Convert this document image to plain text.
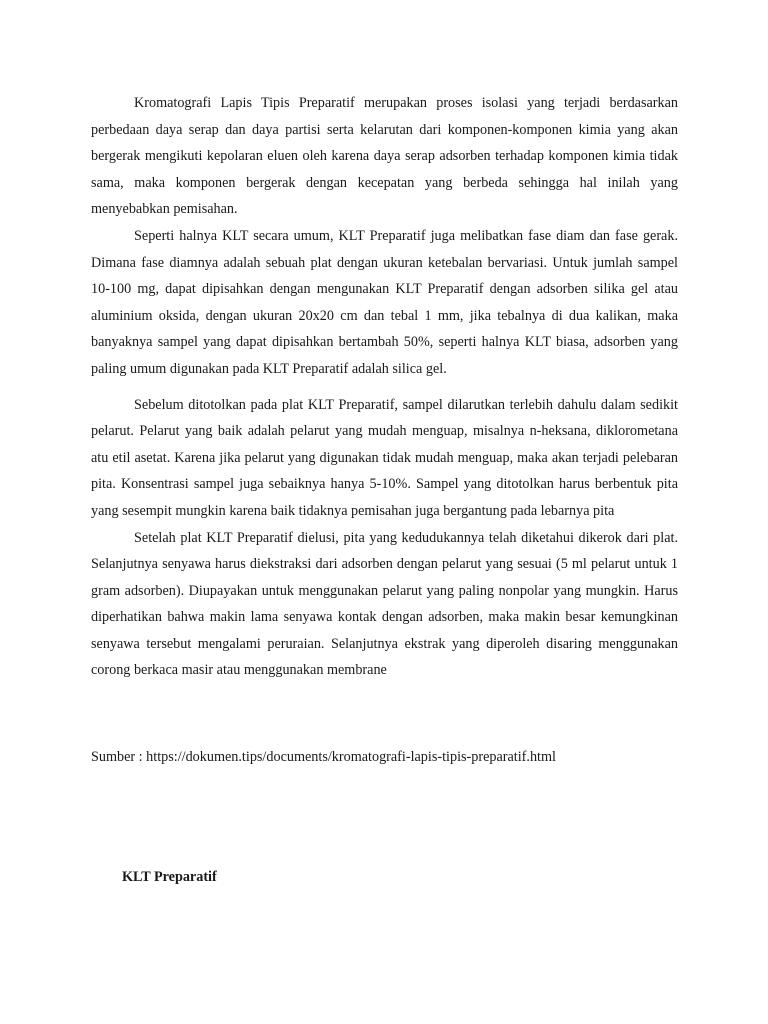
Kromatografi Lapis Tipis Preparatif merupakan proses isolasi yang terjadi berdasarkan perbedaan daya serap dan daya partisi serta kelarutan dari komponen-komponen kimia yang akan bergerak mengikuti kepolaran eluen oleh karena daya serap adsorben terhadap komponen kimia tidak sama, maka komponen bergerak dengan kecepatan yang berbeda sehingga hal inilah yang menyebabkan pemisahan.

Seperti halnya KLT secara umum, KLT Preparatif juga melibatkan fase diam dan fase gerak. Dimana fase diamnya adalah sebuah plat dengan ukuran ketebalan bervariasi. Untuk jumlah sampel 10-100 mg, dapat dipisahkan dengan mengunakan KLT Preparatif dengan adsorben silika gel atau aluminium oksida, dengan ukuran 20x20 cm dan tebal 1 mm, jika tebalnya di dua kalikan, maka banyaknya sampel yang dapat dipisahkan bertambah 50%, seperti halnya KLT biasa, adsorben yang paling umum digunakan pada KLT Preparatif adalah silica gel.

Sebelum ditotolkan pada plat KLT Preparatif, sampel dilarutkan terlebih dahulu dalam sedikit pelarut. Pelarut yang baik adalah pelarut yang mudah menguap, misalnya n-heksana, diklorometana atu etil asetat. Karena jika pelarut yang digunakan tidak mudah menguap, maka akan terjadi pelebaran pita. Konsentrasi sampel juga sebaiknya hanya 5-10%. Sampel yang ditotolkan harus berbentuk pita yang sesempit mungkin karena baik tidaknya pemisahan juga bergantung pada lebarnya pita

Setelah plat KLT Preparatif dielusi, pita yang kedudukannya telah diketahui dikerok dari plat. Selanjutnya senyawa harus diekstraksi dari adsorben dengan pelarut yang sesuai (5 ml pelarut untuk 1 gram adsorben). Diupayakan untuk menggunakan pelarut yang paling nonpolar yang mungkin. Harus diperhatikan bahwa makin lama senyawa kontak dengan adsorben, maka makin besar kemungkinan senyawa tersebut mengalami peruraian. Selanjutnya ekstrak yang diperoleh disaring menggunakan corong berkaca masir atau menggunakan membrane

Sumber : https://dokumen.tips/documents/kromatografi-lapis-tipis-preparatif.html

KLT Preparatif
